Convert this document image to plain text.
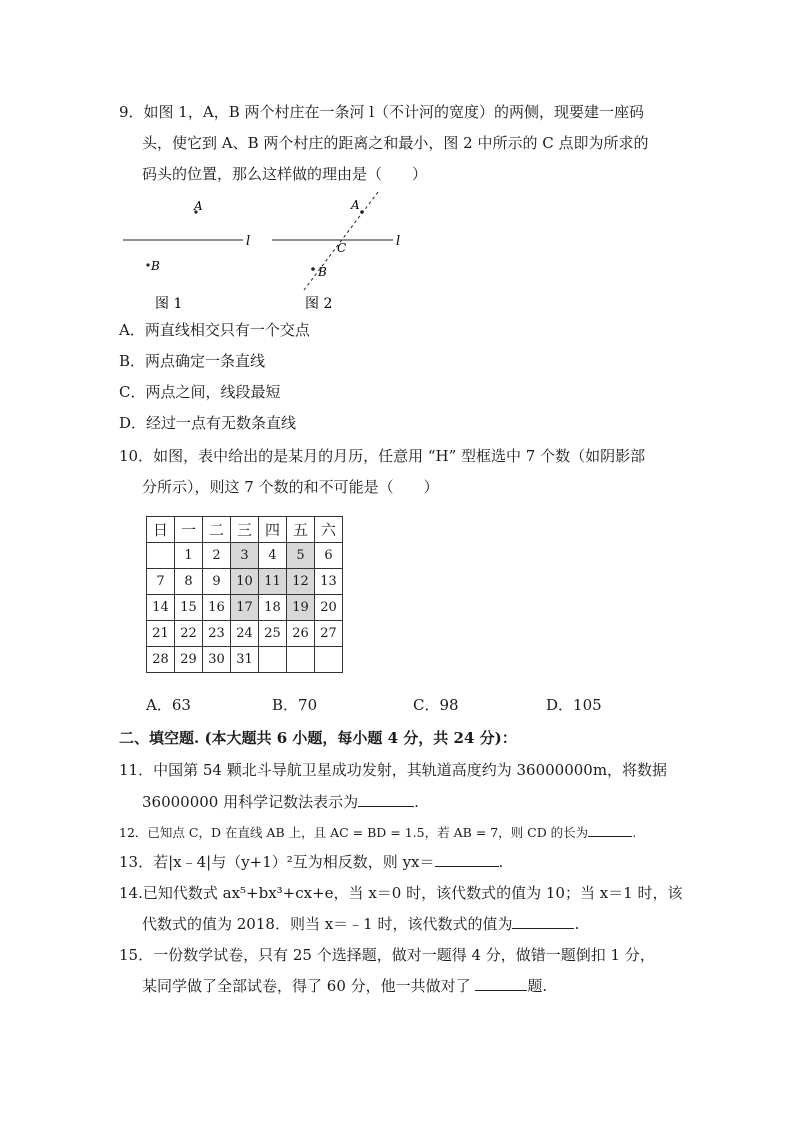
9．如图 1，A，B 两个村庄在一条河 l（不计河的宽度）的两侧，现要建一座码
头，使它到 A、B 两个村庄的距离之和最小，图 2 中所示的 C 点即为所求的
码头的位置，那么这样做的理由是（　　）
A
l
B
图 1
l
A
C
B
图 2
A．两直线相交只有一个交点
B．两点确定一条直线
C．两点之间，线段最短
D．经过一点有无数条直线
10．如图，表中给出的是某月的月历，任意用 “H” 型框选中 7 个数（如阴影部
分所示），则这 7 个数的和不可能是（　　）
日	一	二	三	四	五	六
	1	2	3	4	5	6
7	8	9	10	11	12	13
14	15	16	17	18	19	20
21	22	23	24	25	26	27
28	29	30	31			
A．63	B．70	C．98	D．105
二、填空题. (本大题共 6 小题，每小题 4 分，共 24 分)：
11．中国第 54 颗北斗导航卫星成功发射，其轨道高度约为 36000000m，将数据
36000000 用科学记数法表示为	.
12．已知点 C，D 在直线 AB 上，且 AC = BD = 1.5，若 AB = 7，则 CD 的长为	.
13．若|x﹣4|与（y+1）²互为相反数，则 yx＝	.
14.已知代数式 ax⁵+bx³+cx+e，当 x＝0 时，该代数式的值为 10；当 x＝1 时，该
代数式的值为 2018．则当 x＝﹣1 时，该代数式的值为	.
15．一份数学试卷，只有 25 个选择题，做对一题得 4 分，做错一题倒扣 1 分，
某同学做了全部试卷，得了 60 分，他一共做对了	题.
